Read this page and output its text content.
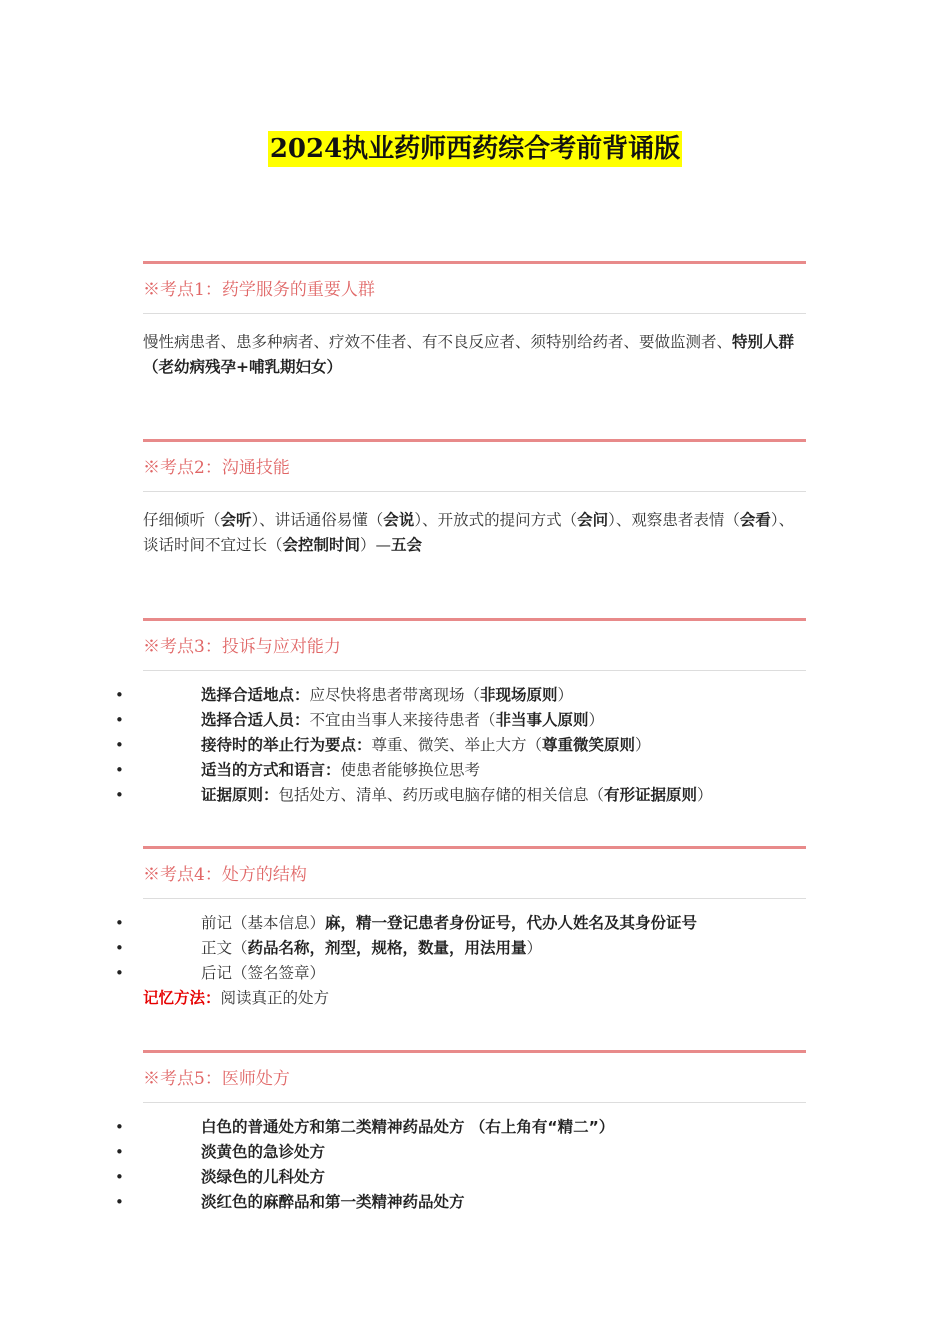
2024执业药师西药综合考前背诵版
※考点1：药学服务的重要人群
慢性病患者、患多种病者、疗效不佳者、有不良反应者、须特别给药者、要做监测者、特别人群（老幼病残孕+哺乳期妇女）
※考点2：沟通技能
仔细倾听（会听）、讲话通俗易懂（会说）、开放式的提问方式（会问）、观察患者表情（会看）、谈话时间不宜过长（会控制时间）—五会
※考点3：投诉与应对能力
• 选择合适地点：应尽快将患者带离现场（非现场原则）
• 选择合适人员：不宜由当事人来接待患者（非当事人原则）
• 接待时的举止行为要点：尊重、微笑、举止大方（尊重微笑原则）
• 适当的方式和语言：使患者能够换位思考
• 证据原则：包括处方、清单、药历或电脑存储的相关信息（有形证据原则）
※考点4：处方的结构
• 前记（基本信息）麻，精一登记患者身份证号，代办人姓名及其身份证号
• 正文（药品名称，剂型，规格，数量，用法用量）
• 后记（签名签章）
记忆方法：阅读真正的处方
※考点5：医师处方
• 白色的普通处方和第二类精神药品处方 （右上角有“精二”）
• 淡黄色的急诊处方
• 淡绿色的儿科处方
• 淡红色的麻醉品和第一类精神药品处方
